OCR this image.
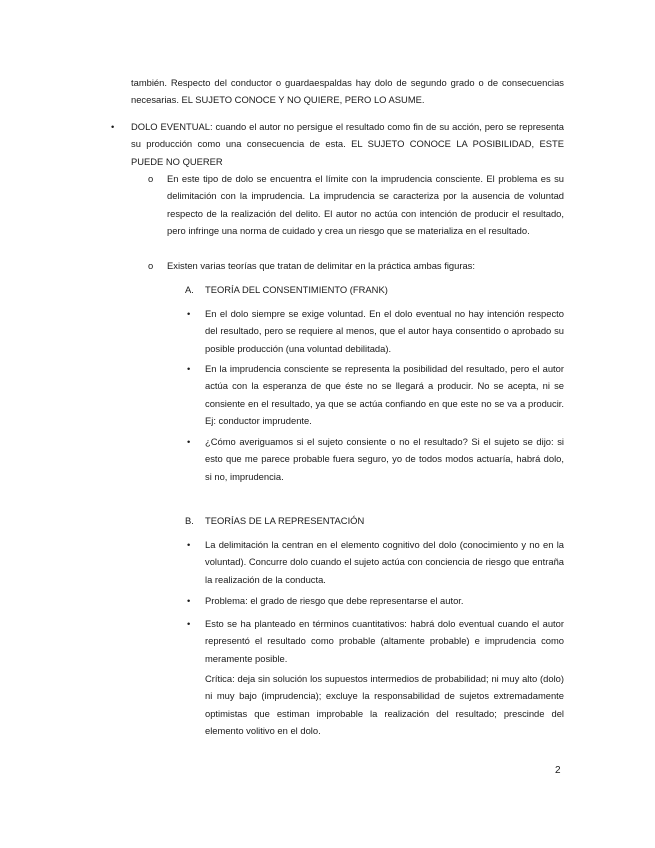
también. Respecto del conductor o guardaespaldas hay dolo de segundo grado o de consecuencias necesarias. EL SUJETO CONOCE Y NO QUIERE, PERO LO ASUME.

• DOLO EVENTUAL: cuando el autor no persigue el resultado como fin de su acción, pero se representa su producción como una consecuencia de esta. EL SUJETO CONOCE LA POSIBILIDAD, ESTE PUEDE NO QUERER

o En este tipo de dolo se encuentra el límite con la imprudencia consciente. El problema es su delimitación con la imprudencia. La imprudencia se caracteriza por la ausencia de voluntad respecto de la realización del delito. El autor no actúa con intención de producir el resultado, pero infringe una norma de cuidado y crea un riesgo que se materializa en el resultado.

o Existen varias teorías que tratan de delimitar en la práctica ambas figuras:

A. TEORÍA DEL CONSENTIMIENTO (FRANK)

• En el dolo siempre se exige voluntad. En el dolo eventual no hay intención respecto del resultado, pero se requiere al menos, que el autor haya consentido o aprobado su posible producción (una voluntad debilitada).

• En la imprudencia consciente se representa la posibilidad del resultado, pero el autor actúa con la esperanza de que éste no se llegará a producir. No se acepta, ni se consiente en el resultado, ya que se actúa confiando en que este no se va a producir. Ej: conductor imprudente.

• ¿Cómo averiguamos si el sujeto consiente o no el resultado? Si el sujeto se dijo: si esto que me parece probable fuera seguro, yo de todos modos actuaría, habrá dolo, si no, imprudencia.

B. TEORÍAS DE LA REPRESENTACIÓN

• La delimitación la centran en el elemento cognitivo del dolo (conocimiento y no en la voluntad). Concurre dolo cuando el sujeto actúa con conciencia de riesgo que entraña la realización de la conducta.

• Problema: el grado de riesgo que debe representarse el autor.

• Esto se ha planteado en términos cuantitativos: habrá dolo eventual cuando el autor representó el resultado como probable (altamente probable) e imprudencia como meramente posible.

Crítica: deja sin solución los supuestos intermedios de probabilidad; ni muy alto (dolo) ni muy bajo (imprudencia); excluye la responsabilidad de sujetos extremadamente optimistas que estiman improbable la realización del resultado; prescinde del elemento volitivo en el dolo.

2
